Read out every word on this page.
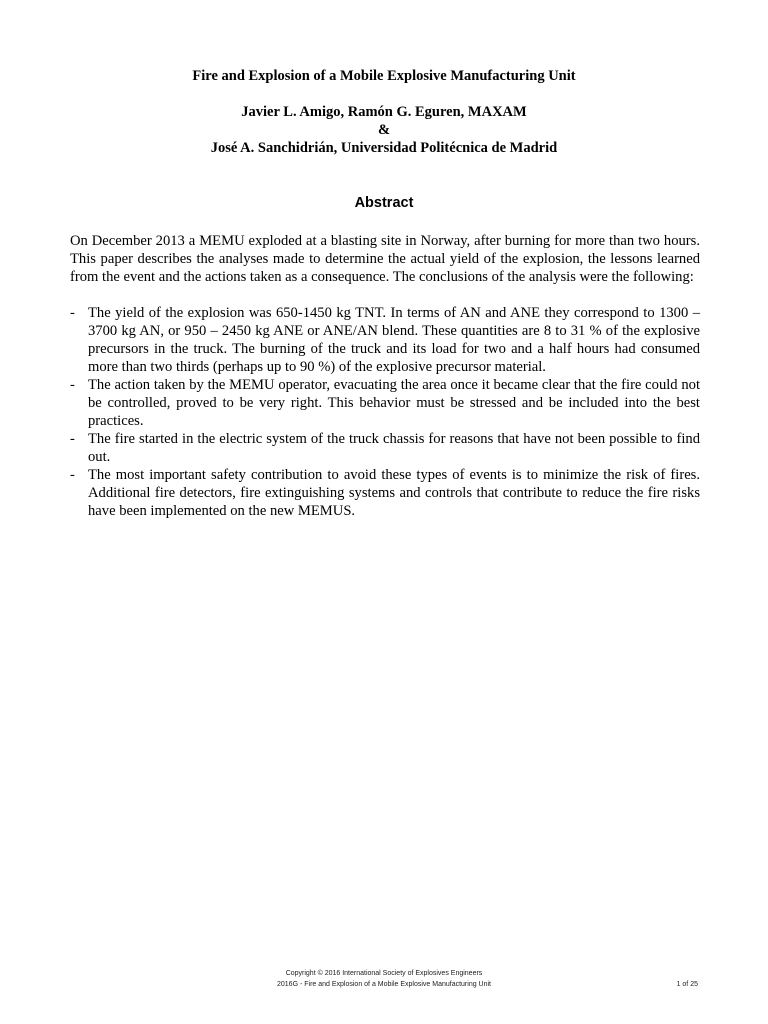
Fire and Explosion of a Mobile Explosive Manufacturing Unit
Javier L. Amigo, Ramón G. Eguren, MAXAM
&
José A. Sanchidrián, Universidad Politécnica de Madrid
Abstract

On December 2013 a MEMU exploded at a blasting site in Norway, after burning for more than two hours. This paper describes the analyses made to determine the actual yield of the explosion, the lessons learned from the event and the actions taken as a consequence. The conclusions of the analysis were the following:

- The yield of the explosion was 650-1450 kg TNT. In terms of AN and ANE they correspond to 1300 – 3700 kg AN, or 950 – 2450 kg ANE or ANE/AN blend. These quantities are 8 to 31 % of the explosive precursors in the truck. The burning of the truck and its load for two and a half hours had consumed more than two thirds (perhaps up to 90 %) of the explosive precursor material.
- The action taken by the MEMU operator, evacuating the area once it became clear that the fire could not be controlled, proved to be very right. This behavior must be stressed and be included into the best practices.
- The fire started in the electric system of the truck chassis for reasons that have not been possible to find out.
- The most important safety contribution to avoid these types of events is to minimize the risk of fires. Additional fire detectors, fire extinguishing systems and controls that contribute to reduce the fire risks have been implemented on the new MEMUS.
Copyright © 2016 International Society of Explosives Engineers
2016G - Fire and Explosion of a Mobile Explosive Manufacturing Unit	1 of 25
